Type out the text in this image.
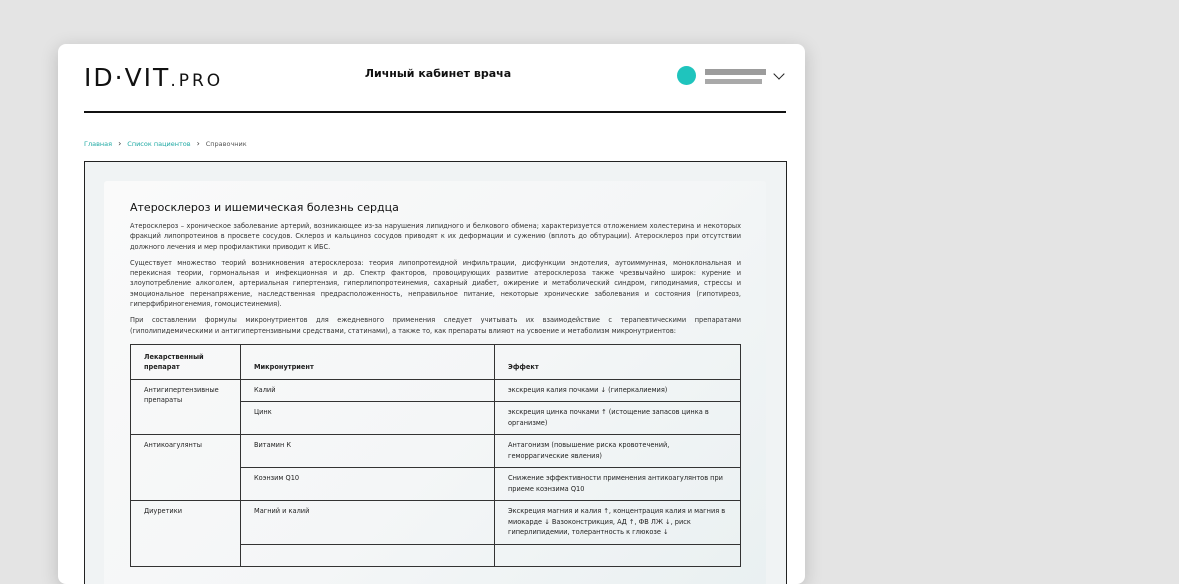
ID·VIT.PRO	Личный кабинет врача
Главная › Список пациентов › Справочник
Атеросклероз и ишемическая болезнь сердца

Атеросклероз – хроническое заболевание артерий, возникающее из-за нарушения липидного и белкового обмена; характеризуется отложением холестерина и некоторых фракций липопротеинов в просвете сосудов. Склероз и кальциноз сосудов приводят к их деформации и сужению (вплоть до обтурации). Атеросклероз при отсутствии должного лечения и мер профилактики приводит к ИБС.

Существует множество теорий возникновения атеросклероза: теория липопротеидной инфильтрации, дисфункции эндотелия, аутоиммунная, моноклональная и перекисная теории, гормональная и инфекционная и др. Спектр факторов, провоцирующих развитие атеросклероза также чрезвычайно широк: курение и злоупотребление алкоголем, артериальная гипертензия, гиперлипопротеинемия, сахарный диабет, ожирение и метаболический синдром, гиподинамия, стрессы и эмоциональное перенапряжение, наследственная предрасположенность, неправильное питание, некоторые хронические заболевания и состояния (гипотиреоз, гиперфибриногенемия, гомоцистеинемия).

При составлении формулы микронутриентов для ежедневного применения следует учитывать их взаимодействие с терапевтическими препаратами (гиполипидемическими и антигипертензивными средствами, статинами), а также то, как препараты влияют на усвоение и метаболизм микронутриентов:

Лекарственный препарат	Микронутриент	Эффект
Антигипертензивные препараты	Калий	экскреция калия почками ↓ (гиперкалиемия)
	Цинк	экскреция цинка почками ↑ (истощение запасов цинка в организме)
Антикоагулянты	Витамин К	Антагонизм (повышение риска кровотечений, геморрагические явления)
	Коэнзим Q10	Снижение эффективности применения антикоагулянтов при приеме коэнзима Q10
Диуретики	Магний и калий	Экскреция магния и калия ↑, концентрация калия и магния в миокарде ↓ Вазоконстрикция, АД ↑, ФВ ЛЖ ↓, риск гиперлипидемии, толерантность к глюкозе ↓
